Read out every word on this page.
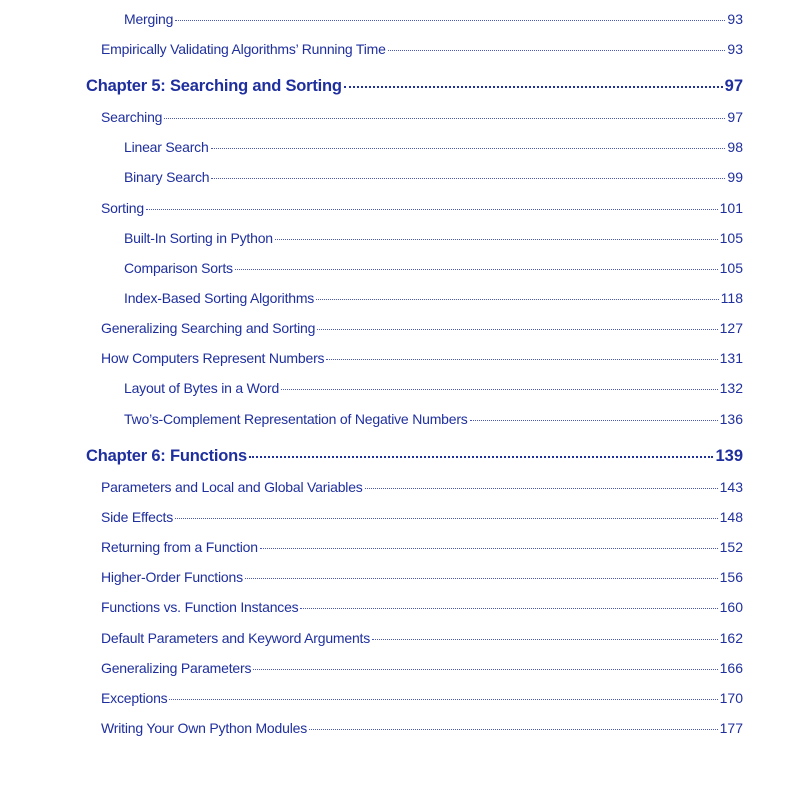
Merging	93
Empirically Validating Algorithms’ Running Time	93
Chapter 5: Searching and Sorting	97
Searching	97
Linear Search	98
Binary Search	99
Sorting	101
Built-In Sorting in Python	105
Comparison Sorts	105
Index-Based Sorting Algorithms	118
Generalizing Searching and Sorting	127
How Computers Represent Numbers	131
Layout of Bytes in a Word	132
Two’s-Complement Representation of Negative Numbers	136
Chapter 6: Functions	139
Parameters and Local and Global Variables	143
Side Effects	148
Returning from a Function	152
Higher-Order Functions	156
Functions vs. Function Instances	160
Default Parameters and Keyword Arguments	162
Generalizing Parameters	166
Exceptions	170
Writing Your Own Python Modules	177
